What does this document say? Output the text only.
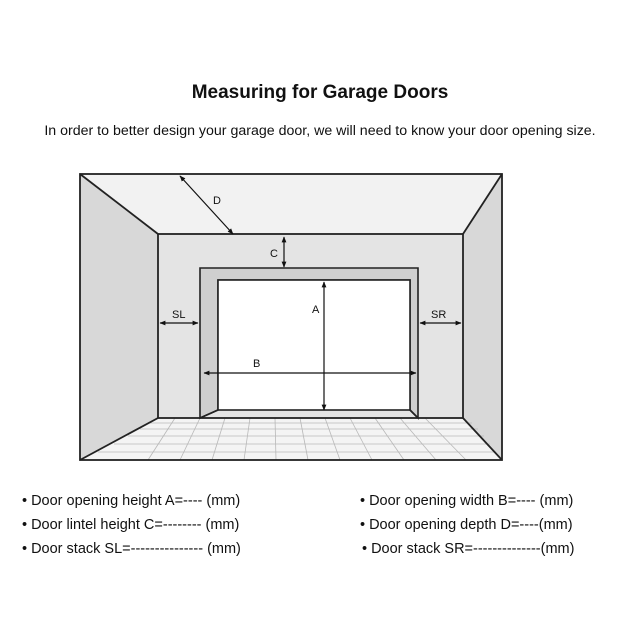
Measuring for Garage Doors
In order to better design your garage door, we will need to know your door opening size.
D
C
A
B
SL	SR
• Door opening height A=---- (mm)
• Door lintel height C=-------- (mm)
• Door stack SL=--------------- (mm)
• Door opening width B=---- (mm)
• Door opening depth D=----(mm)
• Door stack SR=--------------(mm)
